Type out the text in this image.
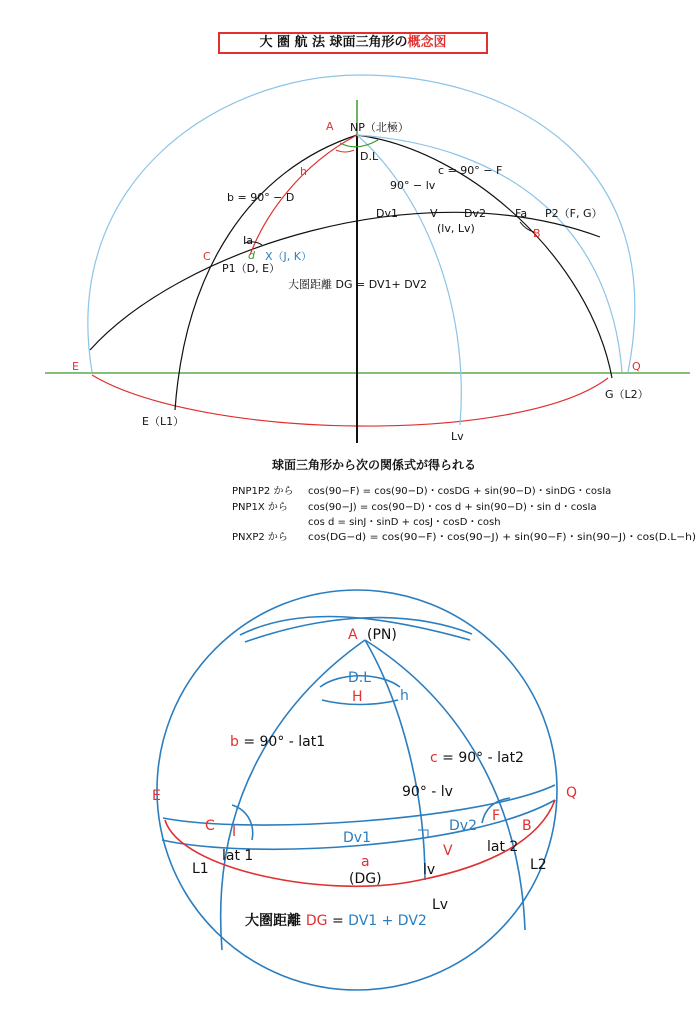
大 圏 航 法 球面三角形の概念図
A NP（北極）
D.L
h	c = 90° − F
b = 90° − D
90° − lv
Dv1	V Dv2	Fa P2（F, G）
B
(lv, Lv)
Ia
d X（J, K）
C
P1（D, E）
大圏距離 DG = DV1+ DV2
E	Q
E（L1）
G（L2）
Lv
球面三角形から次の関係式が得られる
PNP1P2 から cos(90−F) = cos(90−D)・cosDG + sin(90−D)・sinDG・cosIa
PNP1X から cos(90−J) = cos(90−D)・cos d + sin(90−D)・sin d・cosIa
cos d = sinJ・sinD + cosJ・cosD・cosh
PNXP2 から cos(DG−d) = cos(90−F)・cos(90−J) + sin(90−F)・sin(90−J)・cos(D.L−h)
A (PN)
D.L
H	h
b = 90° - lat1
c = 90° - lat2
90° - lv
E	Q
C I
F
B
Dv1
Dv2
V
lat 1
lat 2
L1	L2
a
(DG)
lv
Lv
大圏距離 DG = DV1 + DV2
